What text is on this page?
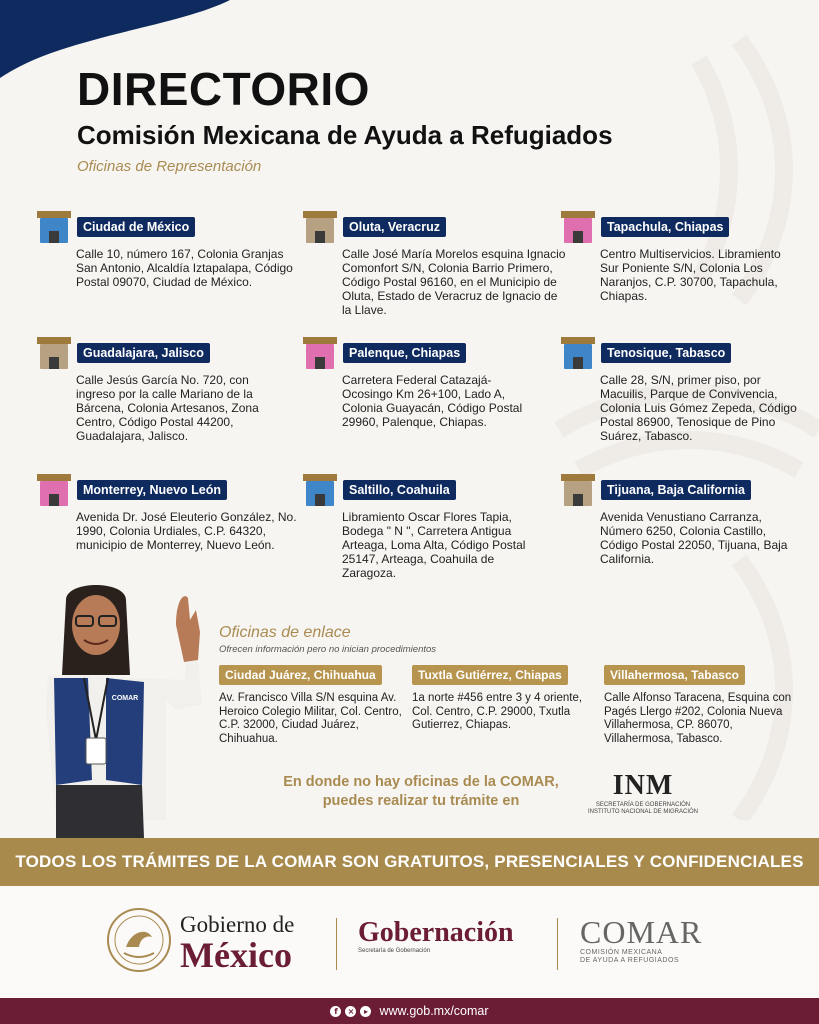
DIRECTORIO
Comisión Mexicana de Ayuda a Refugiados
Oficinas de Representación
Ciudad de México
Calle 10, número 167, Colonia Granjas San Antonio, Alcaldía Iztapalapa, Código Postal 09070, Ciudad de México.
Oluta, Veracruz
Calle José María Morelos esquina Ignacio Comonfort S/N, Colonia Barrio Primero, Código Postal 96160, en el Municipio de Oluta, Estado de Veracruz de Ignacio de la Llave.
Tapachula, Chiapas
Centro Multiservicios. Libramiento Sur Poniente S/N, Colonia Los Naranjos, C.P. 30700, Tapachula, Chiapas.
Guadalajara, Jalisco
Calle Jesús García No. 720, con ingreso por la calle Mariano de la Bárcena, Colonia Artesanos, Zona Centro, Código Postal 44200, Guadalajara, Jalisco.
Palenque, Chiapas
Carretera Federal Catazajá-Ocosingo Km 26+100, Lado A, Colonia Guayacán, Código Postal 29960, Palenque, Chiapas.
Tenosique, Tabasco
Calle 28, S/N, primer piso, por Macuilis, Parque de Convivencia, Colonia Luis Gómez Zepeda, Código Postal 86900, Tenosique de Pino Suárez, Tabasco.
Monterrey, Nuevo León
Avenida Dr. José Eleuterio González, No. 1990, Colonia Urdiales, C.P. 64320, municipio de Monterrey, Nuevo León.
Saltillo, Coahuila
Libramiento Oscar Flores Tapia, Bodega " N ", Carretera Antigua Arteaga, Loma Alta, Código Postal 25147, Arteaga, Coahuila de Zaragoza.
Tijuana, Baja California
Avenida Venustiano Carranza, Número 6250, Colonia Castillo, Código Postal 22050, Tijuana, Baja California.
COMAR
Oficinas de enlace
Ofrecen información pero no inician procedimientos
Ciudad Juárez, Chihuahua
Av. Francisco Villa S/N esquina Av. Heroico Colegio Militar, Col. Centro, C.P. 32000, Ciudad Juárez, Chihuahua.
Tuxtla Gutiérrez, Chiapas
1a norte #456 entre 3 y 4 oriente, Col. Centro, C.P. 29000, Txutla Gutierrez, Chiapas.
Villahermosa, Tabasco
Calle Alfonso Taracena, Esquina con Pagés Llergo #202, Colonia Nueva Villahermosa, CP. 86070, Villahermosa, Tabasco.
En donde no hay oficinas de la COMAR, puedes realizar tu trámite en	INM
SECRETARÍA DE GOBERNACIÓN
INSTITUTO NACIONAL DE MIGRACIÓN
TODOS LOS TRÁMITES DE LA COMAR SON GRATUITOS, PRESENCIALES Y CONFIDENCIALES
Gobierno de
México
Gobernación
Secretaría de Gobernación
COMAR
COMISIÓN MEXICANA
DE AYUDA A REFUGIADOS
f	×	▸ www.gob.mx/comar
